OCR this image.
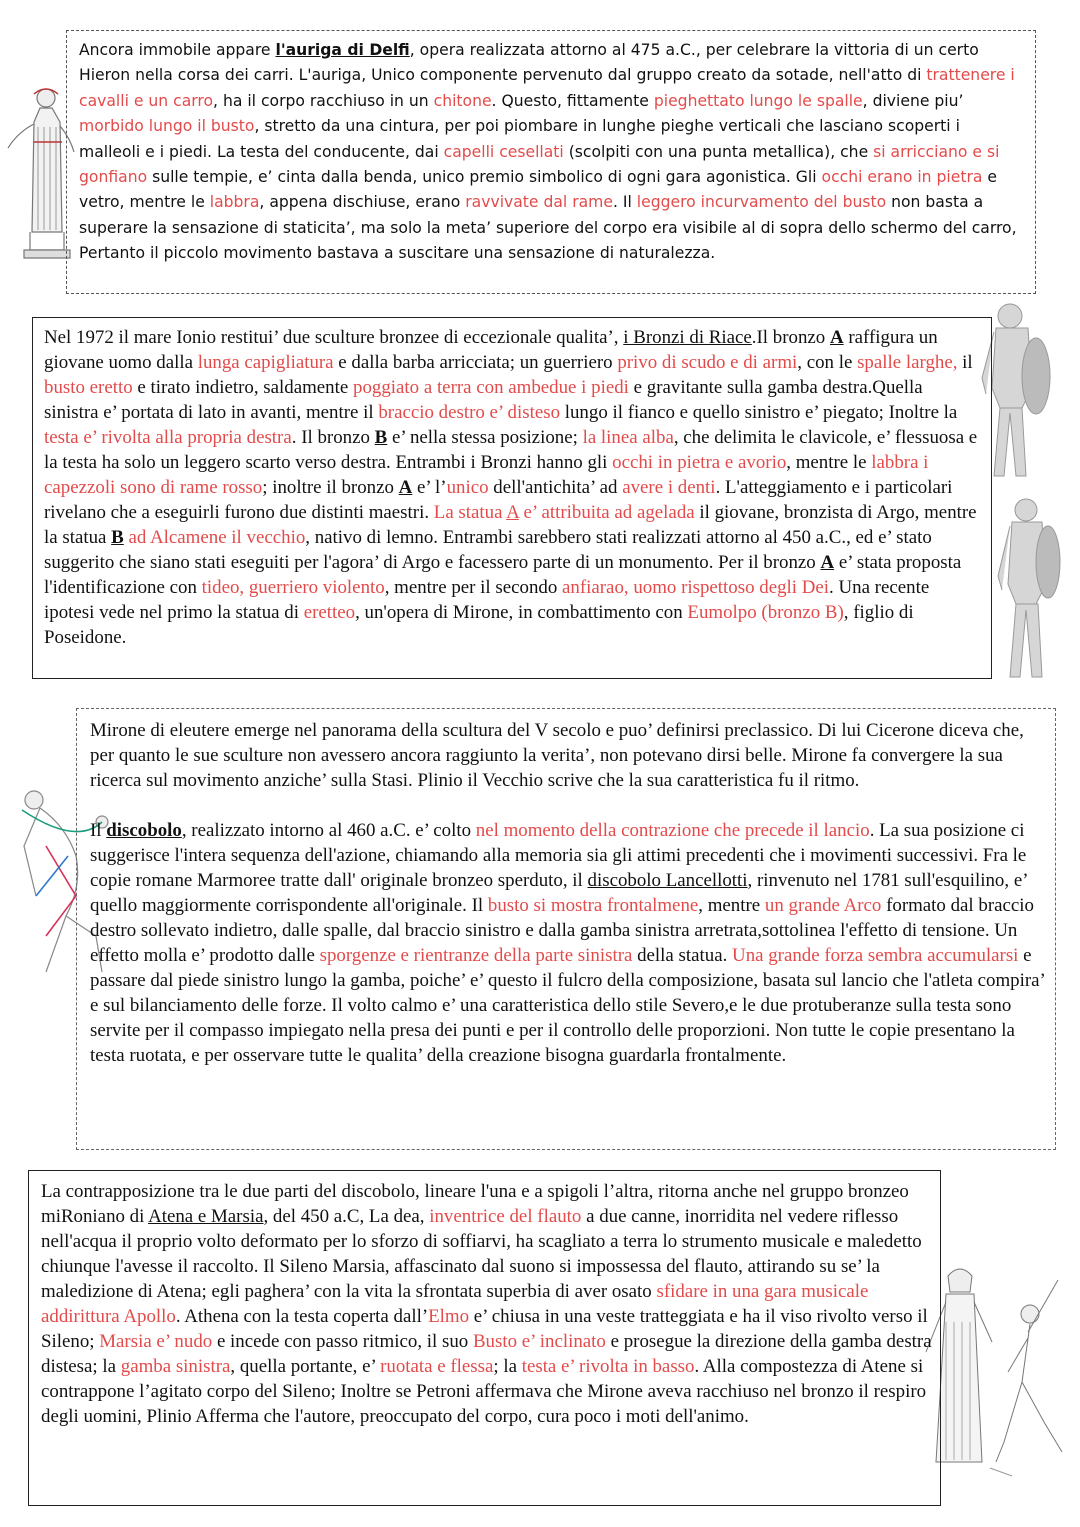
Ancora immobile appare l'auriga di Delfi, opera realizzata attorno al 475 a.C., per celebrare la vittoria di un certo Hieron nella corsa dei carri. L'auriga, Unico componente pervenuto dal gruppo creato da sotade, nell'atto di trattenere i cavalli e un carro, ha il corpo racchiuso in un chitone. Questo, fittamente pieghettato lungo le spalle, diviene piu’ morbido lungo il busto, stretto da una cintura, per poi piombare in lunghe pieghe verticali che lasciano scoperti i malleoli e i piedi. La testa del conducente, dai capelli cesellati (scolpiti con una punta metallica), che si arricciano e si gonfiano sulle tempie, e’ cinta dalla benda, unico premio simbolico di ogni gara agonistica. Gli occhi erano in pietra e vetro, mentre le labbra, appena dischiuse, erano ravvivate dal rame. Il leggero incurvamento del busto non basta a superare la sensazione di staticita’, ma solo la meta’ superiore del corpo era visibile al di sopra dello schermo del carro, Pertanto il piccolo movimento bastava a suscitare una sensazione di naturalezza.

Nel 1972 il mare Ionio restitui’ due sculture bronzee di eccezionale qualita’, i Bronzi di Riace.Il bronzo A raffigura un giovane uomo dalla lunga capigliatura e dalla barba arricciata; un guerriero privo di scudo e di armi, con le spalle larghe, il busto eretto e tirato indietro, saldamente poggiato a terra con ambedue i piedi e gravitante sulla gamba destra.Quella sinistra e’ portata di lato in avanti, mentre il braccio destro e’ disteso lungo il fianco e quello sinistro e’ piegato; Inoltre la testa e’ rivolta alla propria destra. Il bronzo B e’ nella stessa posizione; la linea alba, che delimita le clavicole, e’ flessuosa e la testa ha solo un leggero scarto verso destra. Entrambi i Bronzi hanno gli occhi in pietra e avorio, mentre le labbra i capezzoli sono di rame rosso; inoltre il bronzo A e’ l’unico dell'antichita’ ad avere i denti. L'atteggiamento e i particolari rivelano che a eseguirli furono due distinti maestri. La statua A e’ attribuita ad agelada il giovane, bronzista di Argo, mentre la statua B ad Alcamene il vecchio, nativo di lemno. Entrambi sarebbero stati realizzati attorno al 450 a.C., ed e’ stato suggerito che siano stati eseguiti per l'agora’ di Argo e facessero parte di un monumento. Per il bronzo A e’ stata proposta l'identificazione con tideo, guerriero violento, mentre per il secondo anfiarao, uomo rispettoso degli Dei. Una recente ipotesi vede nel primo la statua di eretteo, un'opera di Mirone, in combattimento con Eumolpo (bronzo B), figlio di Poseidone.

Mirone di eleutere emerge nel panorama della scultura del V secolo e puo’ definirsi preclassico. Di lui Cicerone diceva che, per quanto le sue sculture non avessero ancora raggiunto la verita’, non potevano dirsi belle. Mirone fa convergere la sua ricerca sul movimento anziche’ sulla Stasi. Plinio il Vecchio scrive che la sua caratteristica fu il ritmo.

Il discobolo, realizzato intorno al 460 a.C. e’ colto nel momento della contrazione che precede il lancio. La sua posizione ci suggerisce l'intera sequenza dell'azione, chiamando alla memoria sia gli attimi precedenti che i movimenti successivi. Fra le copie romane Marmoree tratte dall' originale bronzeo sperduto, il discobolo Lancellotti, rinvenuto nel 1781 sull'esquilino, e’ quello maggiormente corrispondente all'originale. Il busto si mostra frontalmene, mentre un grande Arco formato dal braccio destro sollevato indietro, dalle spalle, dal braccio sinistro e dalla gamba sinistra arretrata,sottolinea l'effetto di tensione. Un effetto molla e’ prodotto dalle sporgenze e rientranze della parte sinistra della statua. Una grande forza sembra accumularsi e passare dal piede sinistro lungo la gamba, poiche’ e’ questo il fulcro della composizione, basata sul lancio che l'atleta compira’ e sul bilanciamento delle forze. Il volto calmo e’ una caratteristica dello stile Severo,e le due protuberanze sulla testa sono servite per il compasso impiegato nella presa dei punti e per il controllo delle proporzioni. Non tutte le copie presentano la testa ruotata, e per osservare tutte le qualita’ della creazione bisogna guardarla frontalmente.

La contrapposizione tra le due parti del discobolo, lineare l'una e a spigoli l’altra, ritorna anche nel gruppo bronzeo miRoniano di Atena e Marsia, del 450 a.C, La dea, inventrice del flauto a due canne, inorridita nel vedere riflesso nell'acqua il proprio volto deformato per lo sforzo di soffiarvi, ha scagliato a terra lo strumento musicale e maledetto chiunque l'avesse il raccolto. Il Sileno Marsia, affascinato dal suono si impossessa del flauto, attirando su se’ la maledizione di Atena; egli paghera’ con la vita la sfrontata superbia di aver osato sfidare in una gara musicale addirittura Apollo. Athena con la testa coperta dall’Elmo e’ chiusa in una veste tratteggiata e ha il viso rivolto verso il Sileno; Marsia e’ nudo e incede con passo ritmico, il suo Busto e’ inclinato e prosegue la direzione della gamba destra distesa; la gamba sinistra, quella portante, e’ ruotata e flessa; la testa e’ rivolta in basso. Alla compostezza di Atene si contrappone l’agitato corpo del Sileno; Inoltre se Petroni affermava che Mirone aveva racchiuso nel bronzo il respiro degli uomini, Plinio Afferma che l'autore, preoccupato del corpo, cura poco i moti dell'animo.
